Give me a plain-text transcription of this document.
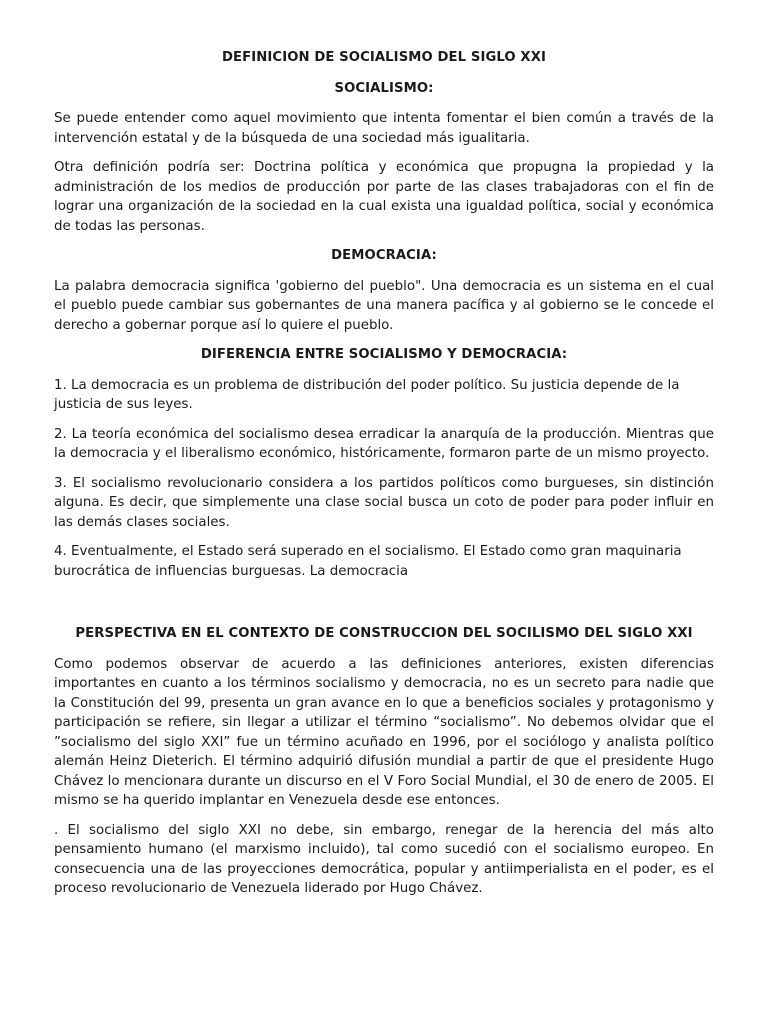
DEFINICION DE SOCIALISMO DEL SIGLO XXI
SOCIALISMO:

Se puede entender como aquel movimiento que intenta fomentar el bien común a través de la intervención estatal y de la búsqueda de una sociedad más igualitaria.

Otra definición podría ser: Doctrina política y económica que propugna la propiedad y la administración de los medios de producción por parte de las clases trabajadoras con el fin de lograr una organización de la sociedad en la cual exista una igualdad política, social y económica de todas las personas.

DEMOCRACIA:

La palabra democracia significa 'gobierno del pueblo". Una democracia es un sistema en el cual el pueblo puede cambiar sus gobernantes de una manera pacífica y al gobierno se le concede el derecho a gobernar porque así lo quiere el pueblo.

DIFERENCIA ENTRE SOCIALISMO Y DEMOCRACIA:

1. La democracia es un problema de distribución del poder político. Su justicia depende de la justicia de sus leyes.

2. La teoría económica del socialismo desea erradicar la anarquía de la producción. Mientras que la democracia y el liberalismo económico, históricamente, formaron parte de un mismo proyecto.

3. El socialismo revolucionario considera a los partidos políticos como burgueses, sin distinción alguna. Es decir, que simplemente una clase social busca un coto de poder para poder influir en las demás clases sociales.

4. Eventualmente, el Estado será superado en el socialismo. El Estado como gran maquinaria burocrática de influencias burguesas. La democracia

PERSPECTIVA EN EL CONTEXTO DE CONSTRUCCION DEL SOCILISMO DEL SIGLO XXI

Como podemos observar de acuerdo a las definiciones anteriores, existen diferencias importantes en cuanto a los términos socialismo y democracia, no es un secreto para nadie que la Constitución del 99, presenta un gran avance en lo que a beneficios sociales y protagonismo y participación se refiere, sin llegar a utilizar el término “socialismo”. No debemos olvidar que el ”socialismo del siglo XXI” fue un término acuñado en 1996, por el sociólogo y analista político alemán Heinz Dieterich. El término adquirió difusión mundial a partir de que el presidente Hugo Chávez lo mencionara durante un discurso en el V Foro Social Mundial, el 30 de enero de 2005. El mismo se ha querido implantar en Venezuela desde ese entonces.

. El socialismo del siglo XXI no debe, sin embargo, renegar de la herencia del más alto pensamiento humano (el marxismo incluido), tal como sucedió con el socialismo europeo. En consecuencia una de las proyecciones democrática, popular y antiimperialista en el poder, es el proceso revolucionario de Venezuela liderado por Hugo Chávez.
